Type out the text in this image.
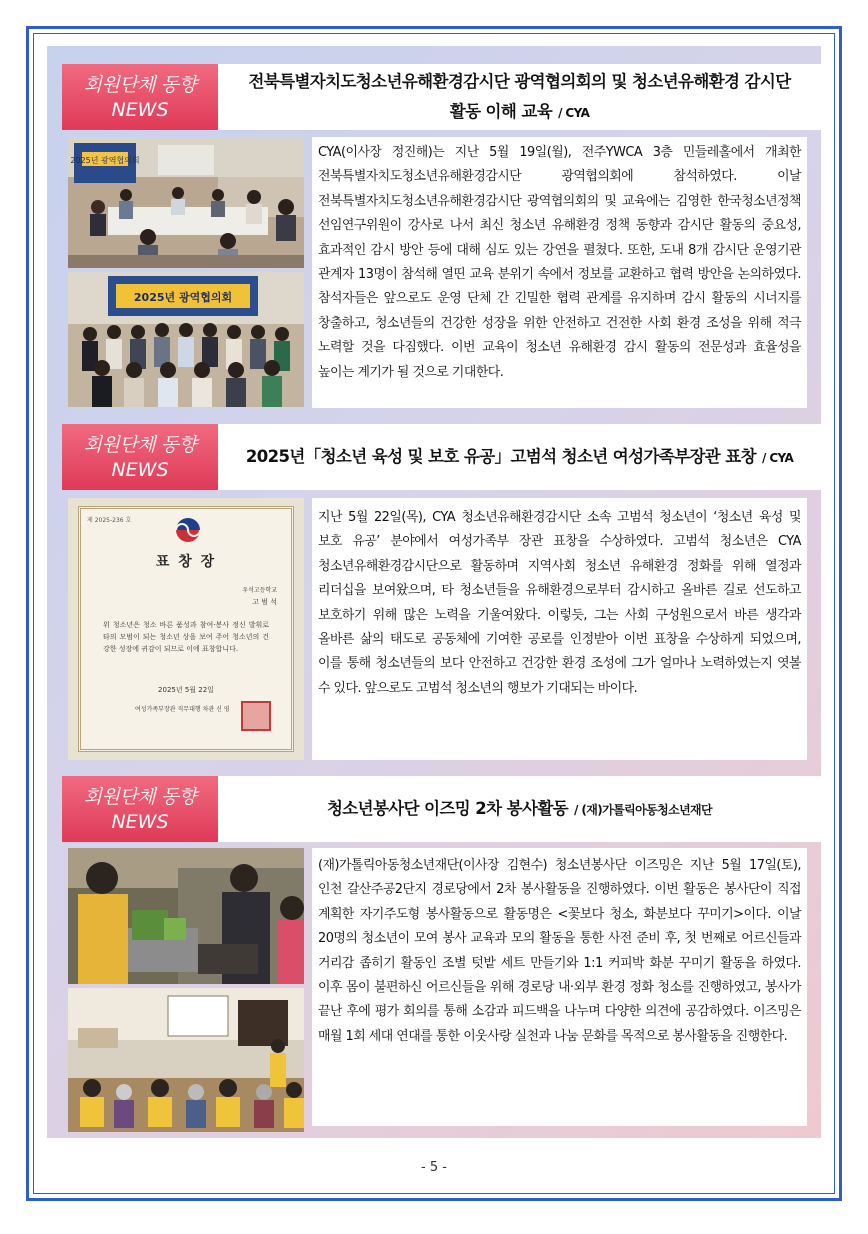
회원단체 동향
NEWS
전북특별자치도청소년유해환경감시단 광역협의회의 및 청소년유해환경 감시단 활동 이해 교육 / CYA
2025년 광역협의회
2025년 광역협의회
CYA(이사장 정진해)는 지난 5월 19일(월), 전주YWCA 3층 민들레홀에서 개최한 전북특별자치도청소년유해환경감시단 광역협의회에 참석하였다. 이날 전북특별자치도청소년유해환경감시단 광역협의회의 및 교육에는 김영한 한국청소년정책 선임연구위원이 강사로 나서 최신 청소년 유해환경 정책 동향과 감시단 활동의 중요성, 효과적인 감시 방안 등에 대해 심도 있는 강연을 펼쳤다. 또한, 도내 8개 감시단 운영기관 관계자 13명이 참석해 열띤 교육 분위기 속에서 정보를 교환하고 협력 방안을 논의하였다. 참석자들은 앞으로도 운영 단체 간 긴밀한 협력 관계를 유지하며 감시 활동의 시너지를 창출하고, 청소년들의 건강한 성장을 위한 안전하고 건전한 사회 환경 조성을 위해 적극 노력할 것을 다짐했다. 이번 교육이 청소년 유해환경 감시 활동의 전문성과 효율성을 높이는 계기가 될 것으로 기대한다.
회원단체 동향
NEWS
2025년「청소년 육성 및 보호 유공」고범석 청소년 여성가족부장관 표창 / CYA
제 2025-236 호
표 창 장
우석고등학교
고 범 석
위 청소년은 청소 바른 품성과 참여·봉사 정신 발휘로 타의 모범이 되는 청소년 상을 보여 주어 청소년의 건강한 성장에 귀감이 되므로 이에 표창합니다.
2025년 5월 22일
여성가족부장관 직무대행 차관 신 영
지난 5월 22일(목), CYA 청소년유해환경감시단 소속 고범석 청소년이 ‘청소년 육성 및 보호 유공’ 분야에서 여성가족부 장관 표창을 수상하였다. 고범석 청소년은 CYA 청소년유해환경감시단으로 활동하며 지역사회 청소년 유해환경 정화를 위해 열정과 리더십을 보여왔으며, 타 청소년들을 유해환경으로부터 감시하고 올바른 길로 선도하고 보호하기 위해 많은 노력을 기울여왔다. 이렇듯, 그는 사회 구성원으로서 바른 생각과 올바른 삶의 태도로 공동체에 기여한 공로를 인정받아 이번 표창을 수상하게 되었으며, 이를 통해 청소년들의 보다 안전하고 건강한 환경 조성에 그가 얼마나 노력하였는지 엿볼 수 있다. 앞으로도 고범석 청소년의 행보가 기대되는 바이다.
회원단체 동향
NEWS
청소년봉사단 이즈밍 2차 봉사활동 / (재)가톨릭아동청소년재단
(재)가톨릭아동청소년재단(이사장 김현수) 청소년봉사단 이즈밍은 지난 5월 17일(토), 인천 갈산주공2단지 경로당에서 2차 봉사활동을 진행하였다. 이번 활동은 봉사단이 직접 계획한 자기주도형 봉사활동으로 활동명은 <꽃보다 청소, 화분보다 꾸미기>이다. 이날 20명의 청소년이 모여 봉사 교육과 모의 활동을 통한 사전 준비 후, 첫 번째로 어르신들과 거리감 좁히기 활동인 조별 텃밭 세트 만들기와 1:1 커피박 화분 꾸미기 활동을 하였다. 이후 몸이 불편하신 어르신들을 위해 경로당 내·외부 환경 정화 청소를 진행하였고, 봉사가 끝난 후에 평가 회의를 통해 소감과 피드백을 나누며 다양한 의견에 공감하였다. 이즈밍은 매월 1회 세대 연대를 통한 이웃사랑 실천과 나눔 문화를 목적으로 봉사활동을 진행한다.
- 5 -
